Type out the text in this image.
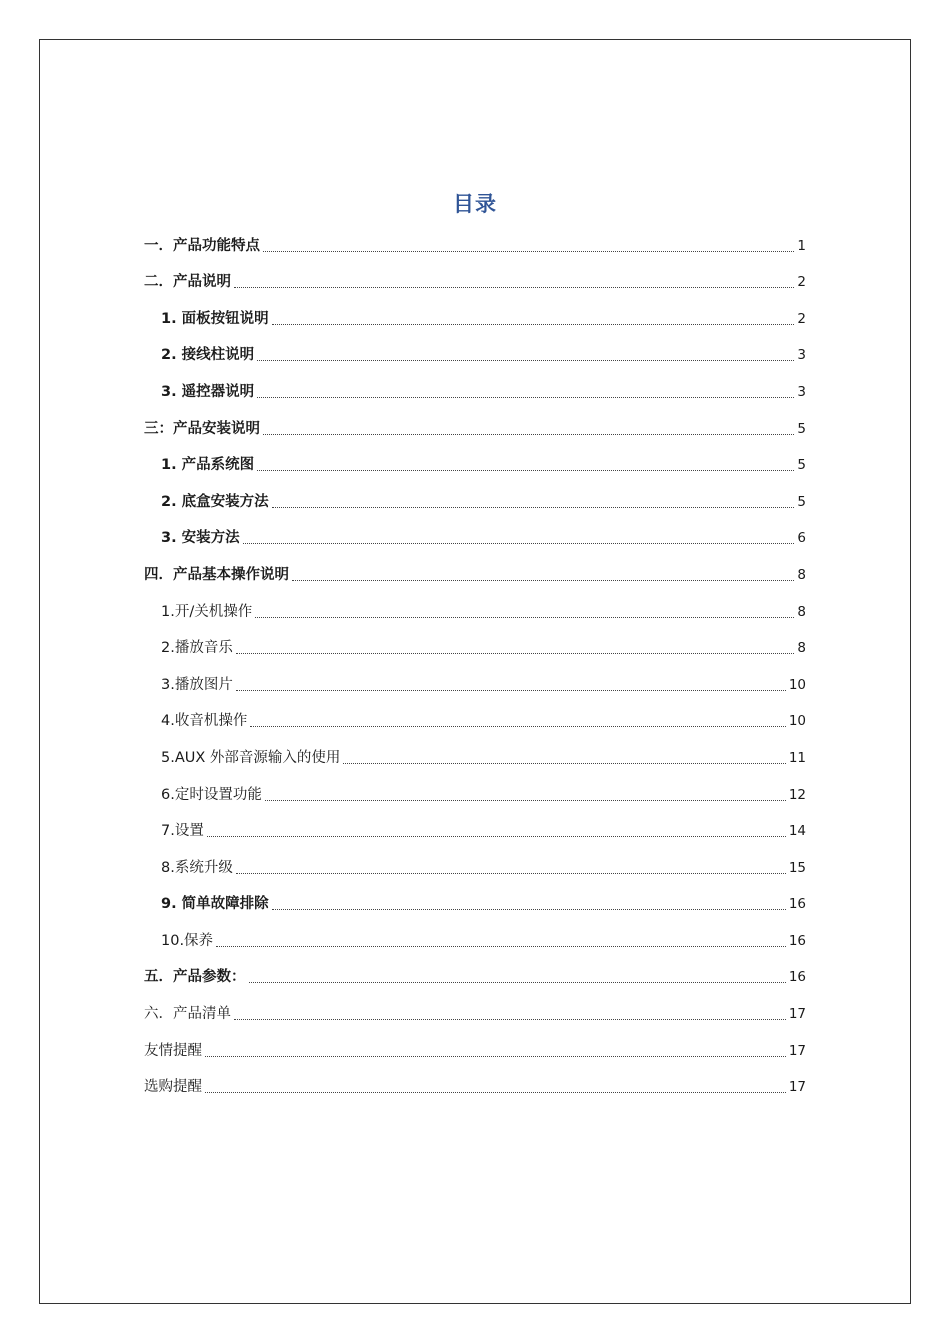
目录
一．产品功能特点	1
二．产品说明	2
1. 面板按钮说明	2
2. 接线柱说明	3
3. 遥控器说明	3
三：产品安装说明	5
1. 产品系统图	5
2. 底盒安装方法	5
3. 安装方法	6
四．产品基本操作说明	8
1.开/关机操作	8
2.播放音乐	8
3.播放图片	10
4.收音机操作	10
5.AUX 外部音源输入的使用	11
6.定时设置功能	12
7.设置	14
8.系统升级	15
9. 简单故障排除	16
10.保养	16
五．产品参数：	16
六．产品清单	17
友情提醒	17
选购提醒	17
